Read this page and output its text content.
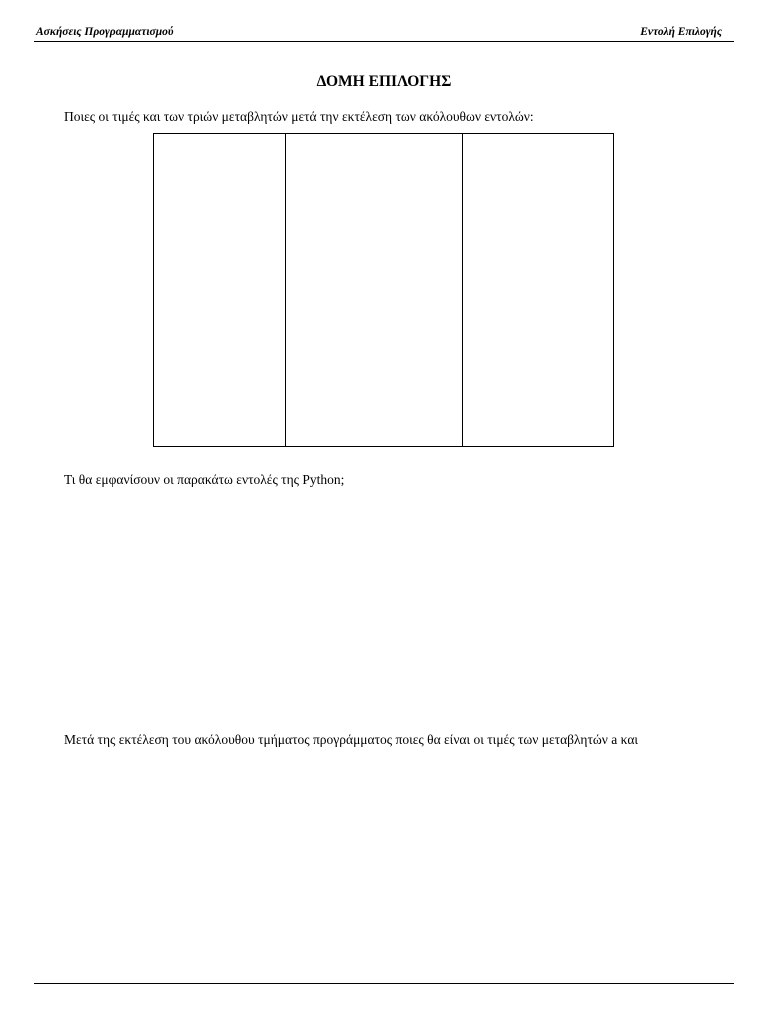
Ασκήσεις Προγραμματισμού	Εντολή Επιλογής
ΔΟΜΗ ΕΠΙΛΟΓΗΣ
Ποιες οι τιμές και των τριών μεταβλητών μετά την εκτέλεση των ακόλουθων εντολών:
Τι θα εμφανίσουν οι παρακάτω εντολές της Python;
Μετά της εκτέλεση του ακόλουθου τμήματος προγράμματος ποιες θα είναι οι τιμές των μεταβλητών a και
